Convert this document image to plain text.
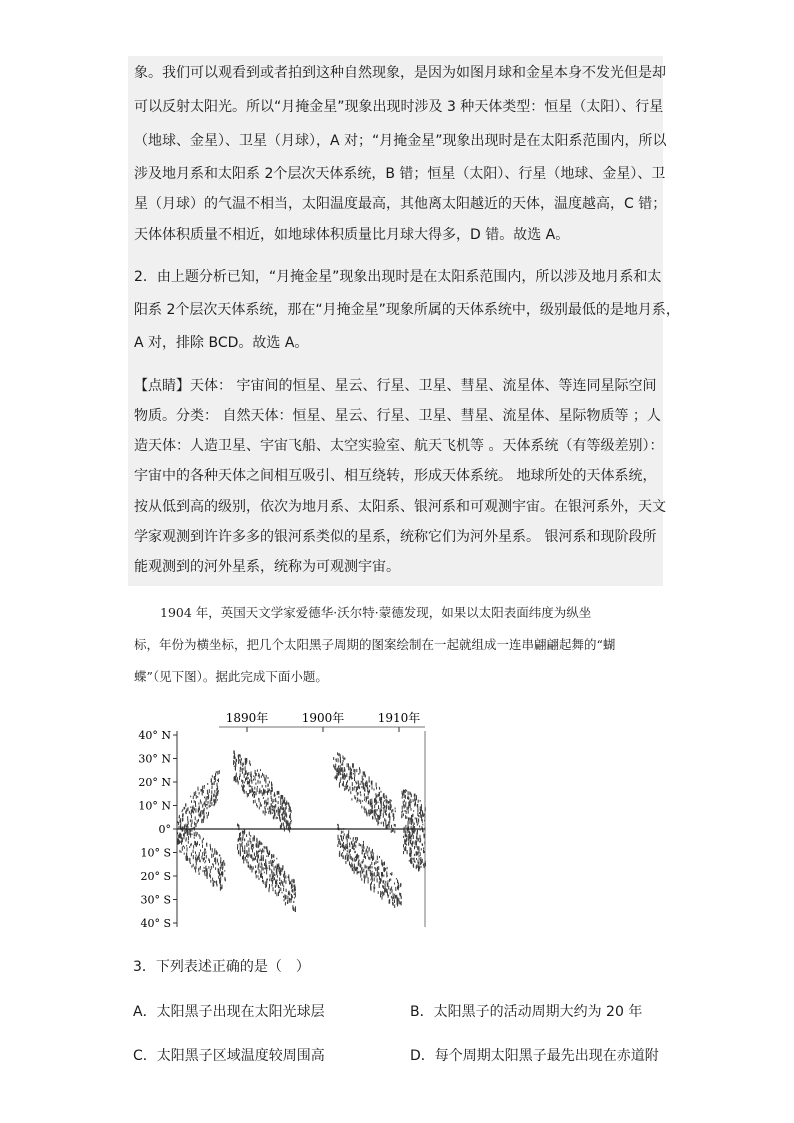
象。我们可以观看到或者拍到这种自然现象，是因为如图月球和金星本身不发光但是却
可以反射太阳光。所以“月掩金星”现象出现时涉及 3 种天体类型：恒星（太阳）、行星
（地球、金星）、卫星（月球），A 对；“月掩金星”现象出现时是在太阳系范围内，所以
涉及地月系和太阳系 2个层次天体系统，B 错；恒星（太阳）、行星（地球、金星）、卫
星（月球）的气温不相当，太阳温度最高，其他离太阳越近的天体，温度越高，C 错；
天体体积质量不相近，如地球体积质量比月球大得多，D 错。故选 A。
2．由上题分析已知，“月掩金星”现象出现时是在太阳系范围内，所以涉及地月系和太
阳系 2个层次天体系统，那在“月掩金星”现象所属的天体系统中，级别最低的是地月系，
A 对，排除 BCD。故选 A。
【点睛】天体： 宇宙间的恒星、星云、行星、卫星、彗星、流星体、等连同星际空间
物质。分类： 自然天体：恒星、星云、行星、卫星、彗星、流星体、星际物质等 ；人
造天体：人造卫星、宇宙飞船、太空实验室、航天飞机等 。天体系统（有等级差别）：
宇宙中的各种天体之间相互吸引、相互绕转，形成天体系统。 地球所处的天体系统，
按从低到高的级别，依次为地月系、太阳系、银河系和可观测宇宙。在银河系外，天文
学家观测到许许多多的银河系类似的星系，统称它们为河外星系。 银河系和现阶段所
能观测到的河外星系，统称为可观测宇宙。
1904 年，英国天文学家爱德华·沃尔特·蒙德发现，如果以太阳表面纬度为纵坐
标，年份为横坐标，把几个太阳黑子周期的图案绘制在一起就组成一连串翩翩起舞的“蝴
蝶”（见下图）。据此完成下面小题。
1890年	1900年	1910年
40° N
30° N
20° N
10° N
0°
10° S
20° S
30° S
40° S
3．下列表述正确的是（　）
A．太阳黑子出现在太阳光球层	B．太阳黑子的活动周期大约为 20 年
C．太阳黑子区域温度较周围高	D．每个周期太阳黑子最先出现在赤道附
